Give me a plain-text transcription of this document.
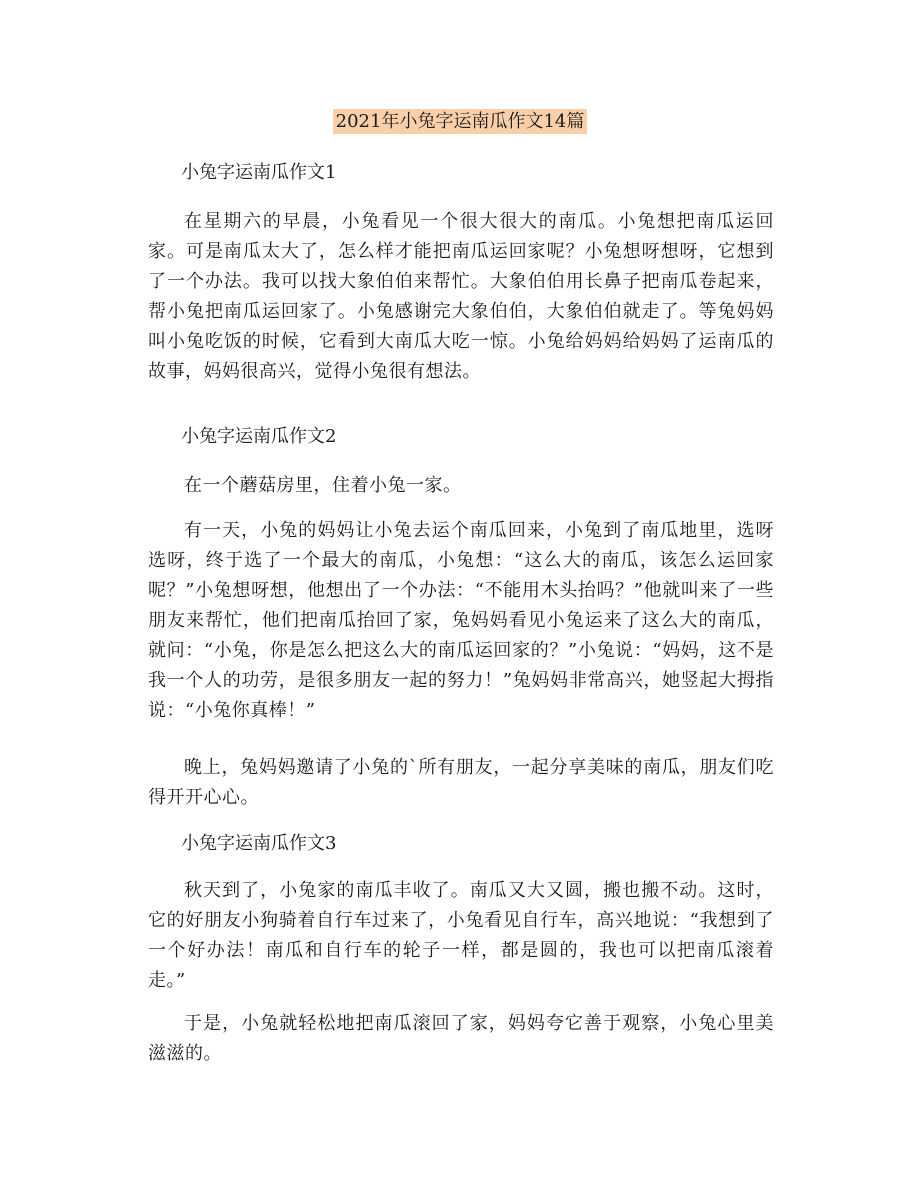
2021年小兔字运南瓜作文14篇
小兔字运南瓜作文1
在星期六的早晨，小兔看见一个很大很大的南瓜。小兔想把南瓜运回家。可是南瓜太大了，怎么样才能把南瓜运回家呢？小兔想呀想呀，它想到了一个办法。我可以找大象伯伯来帮忙。大象伯伯用长鼻子把南瓜卷起来，帮小兔把南瓜运回家了。小兔感谢完大象伯伯，大象伯伯就走了。等兔妈妈叫小兔吃饭的时候，它看到大南瓜大吃一惊。小兔给妈妈给妈妈了运南瓜的故事，妈妈很高兴，觉得小兔很有想法。
小兔字运南瓜作文2
在一个蘑菇房里，住着小兔一家。
有一天，小兔的妈妈让小兔去运个南瓜回来，小兔到了南瓜地里，选呀选呀，终于选了一个最大的南瓜，小兔想：“这么大的南瓜，该怎么运回家呢？”小兔想呀想，他想出了一个办法：“不能用木头抬吗？”他就叫来了一些朋友来帮忙，他们把南瓜抬回了家，兔妈妈看见小兔运来了这么大的南瓜，就问：“小兔，你是怎么把这么大的南瓜运回家的？”小兔说：“妈妈，这不是我一个人的功劳，是很多朋友一起的努力！”兔妈妈非常高兴，她竖起大拇指说：“小兔你真棒！”
晚上，兔妈妈邀请了小兔的`所有朋友，一起分享美味的南瓜，朋友们吃得开开心心。
小兔字运南瓜作文3
秋天到了，小兔家的南瓜丰收了。南瓜又大又圆，搬也搬不动。这时，它的好朋友小狗骑着自行车过来了，小兔看见自行车，高兴地说：“我想到了一个好办法！南瓜和自行车的轮子一样，都是圆的，我也可以把南瓜滚着走。”
于是，小兔就轻松地把南瓜滚回了家，妈妈夸它善于观察，小兔心里美滋滋的。
